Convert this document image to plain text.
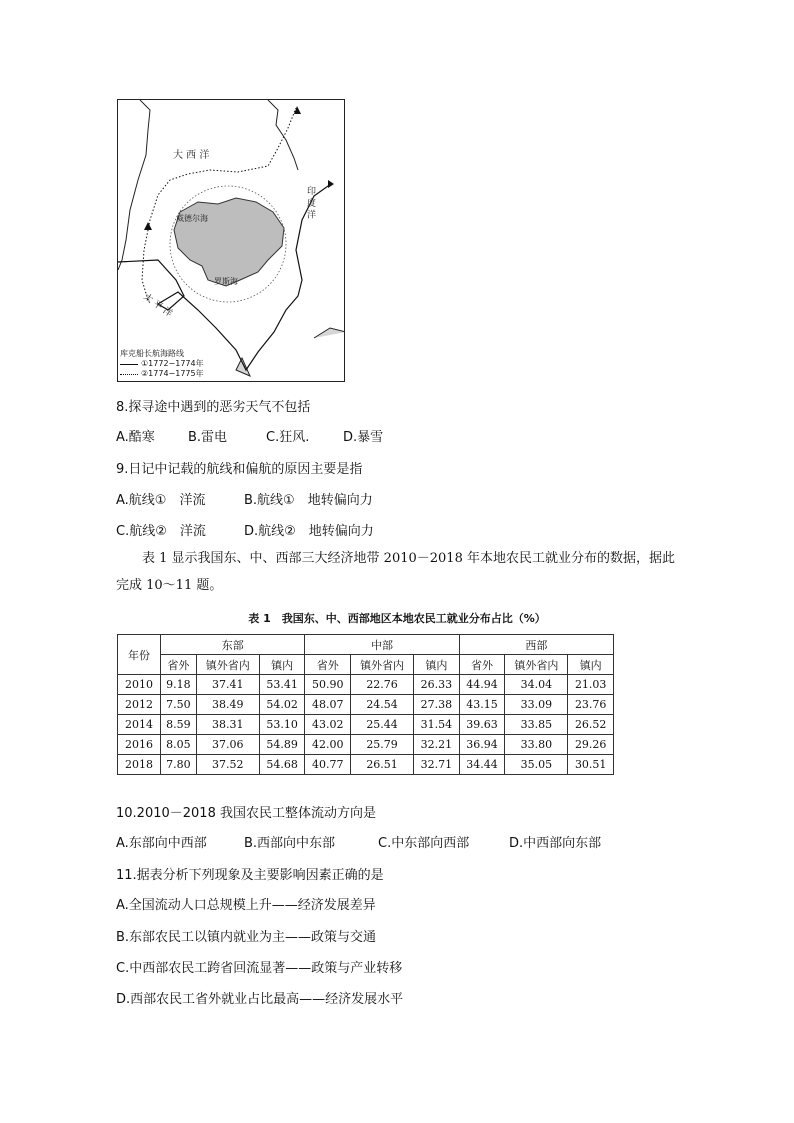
大 西 洋
印 度 洋
太 平 洋
威德尔海
罗斯海
库克船长航海路线
①1772−1774年
②1774−1775年
8.探寻途中遇到的恶劣天气不包括
A.酷寒	B.雷电	C.狂风.	D.暴雪
9.日记中记载的航线和偏航的原因主要是指
A.航线①　洋流	B.航线①　地转偏向力
C.航线②　洋流	D.航线②　地转偏向力
表 1 显示我国东、中、西部三大经济地带 2010－2018 年本地农民工就业分布的数据，据此完成 10～11 题。
表 1　我国东、中、西部地区本地农民工就业分布占比（%）
年份	东部			中部			西部		
	省外	镇外省内	镇内	省外	镇外省内	镇内	省外	镇外省内	镇内
2010	9.18	37.41	53.41	50.90	22.76	26.33	44.94	34.04	21.03
2012	7.50	38.49	54.02	48.07	24.54	27.38	43.15	33.09	23.76
2014	8.59	38.31	53.10	43.02	25.44	31.54	39.63	33.85	26.52
2016	8.05	37.06	54.89	42.00	25.79	32.21	36.94	33.80	29.26
2018	7.80	37.52	54.68	40.77	26.51	32.71	34.44	35.05	30.51
10.2010－2018 我国农民工整体流动方向是
A.东部向中西部	B.西部向中东部	C.中东部向西部	D.中西部向东部
11.据表分析下列现象及主要影响因素正确的是
A.全国流动人口总规模上升——经济发展差异
B.东部农民工以镇内就业为主——政策与交通
C.中西部农民工跨省回流显著——政策与产业转移
D.西部农民工省外就业占比最高——经济发展水平
